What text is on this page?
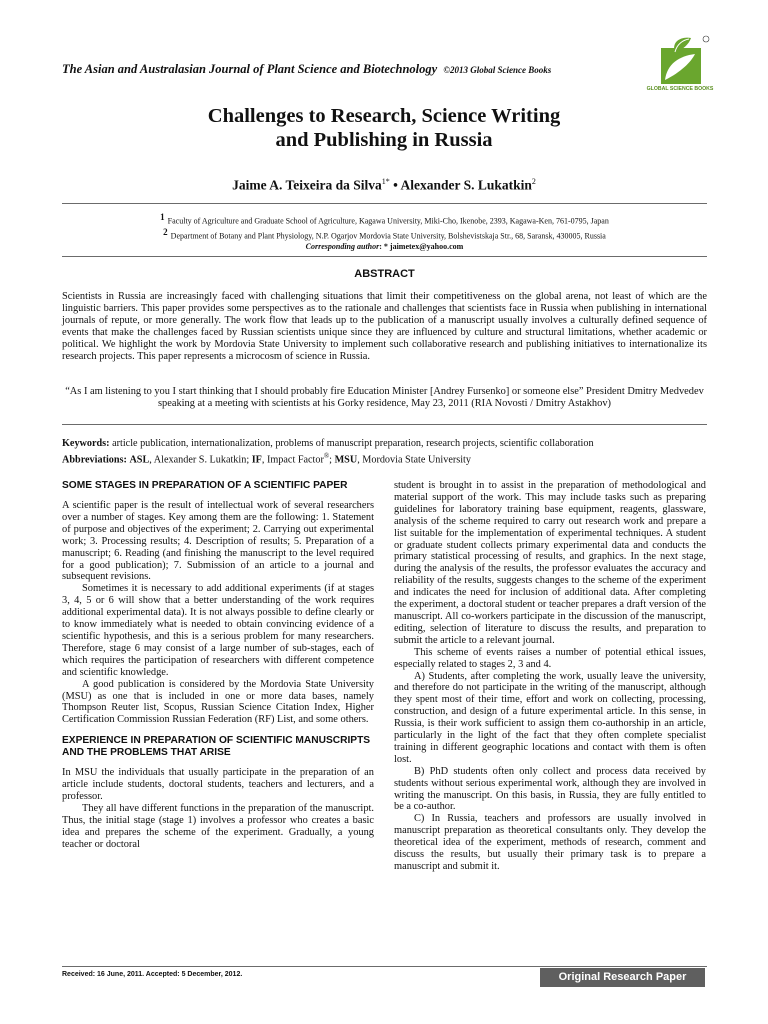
The Asian and Australasian Journal of Plant Science and Biotechnology ©2013 Global Science Books
GLOBAL SCIENCE BOOKS
Challenges to Research, Science Writing
and Publishing in Russia
Jaime A. Teixeira da Silva$^{1*}$ • Alexander S. Lukatkin$^2$
$^1$ Faculty of Agriculture and Graduate School of Agriculture, Kagawa University, Miki-Cho, Ikenobe, 2393, Kagawa-Ken, 761-0795, Japan
$^2$ Department of Botany and Plant Physiology, N.P. Ogarjov Mordovia State University, Bolshevistskaja Str., 68, Saransk, 430005, Russia
Corresponding author: * jaimetex@yahoo.com
ABSTRACT

Scientists in Russia are increasingly faced with challenging situations that limit their competitiveness on the global arena, not least of which are the linguistic barriers. This paper provides some perspectives as to the rationale and challenges that scientists face in Russia when publishing in international journals of repute, or more generally. The work flow that leads up to the publication of a manuscript usually involves a culturally defined sequence of events that make the challenges faced by Russian scientists unique since they are influenced by culture and structural limitations, whether academic or political. We highlight the work by Mordovia State University to implement such collaborative research and publishing initiatives to internationalize its research projects. This paper represents a microcosm of science in Russia.

“As I am listening to you I start thinking that I should probably fire Education Minister [Andrey Fursenko] or someone else” President Dmitry Medvedev speaking at a meeting with scientists at his Gorky residence, May 23, 2011 (RIA Novosti / Dmitry Astakhov)

Keywords: article publication, internationalization, problems of manuscript preparation, research projects, scientific collaboration
Abbreviations: ASL, Alexander S. Lukatkin; IF, Impact Factor®; MSU, Mordovia State University
SOME STAGES IN PREPARATION OF A SCIENTIFIC PAPER

A scientific paper is the result of intellectual work of several researchers over a number of stages. Key among them are the following: 1. Statement of purpose and objectives of the experiment; 2. Carrying out experimental work; 3. Processing results; 4. Description of results; 5. Preparation of a manuscript; 6. Reading (and finishing the manuscript to the level required for a good publication); 7. Submission of an article to a journal and subsequent revisions.

Sometimes it is necessary to add additional experiments (if at stages 3, 4, 5 or 6 will show that a better understanding of the work requires additional experimental data). It is not always possible to define clearly or to know immediately what is needed to obtain convincing evidence of a scientific hypothesis, and this is a serious problem for many researchers. Therefore, stage 6 may consist of a large number of sub-stages, each of which requires the participation of researchers with different competence and scientific knowledge.

A good publication is considered by the Mordovia State University (MSU) as one that is included in one or more data bases, namely Thompson Reuter list, Scopus, Russian Science Citation Index, Higher Certification Commission Russian Federation (RF) List, and some others.

EXPERIENCE IN PREPARATION OF SCIENTIFIC MANUSCRIPTS AND THE PROBLEMS THAT ARISE

In MSU the individuals that usually participate in the preparation of an article include students, doctoral students, teachers and lecturers, and a professor.

They all have different functions in the preparation of the manuscript. Thus, the initial stage (stage 1) involves a professor who creates a basic idea and prepares the scheme of the experiment. Gradually, a young teacher or doctoral

student is brought in to assist in the preparation of methodological and material support of the work. This may include tasks such as preparing guidelines for laboratory training base equipment, reagents, glassware, analysis of the scheme required to carry out research work and prepare a list suitable for the implementation of experimental techniques. A student or graduate student collects primary experimental data and conducts the primary statistical processing of results, and graphics. In the next stage, during the analysis of the results, the professor evaluates the accuracy and reliability of the results, suggests changes to the scheme of the experiment and indicates the need for inclusion of additional data. After completing the experiment, a doctoral student or teacher prepares a draft version of the manuscript. All co-workers participate in the discussion of the manuscript, editing, selection of literature to discuss the results, and preparation to submit the article to a relevant journal.

This scheme of events raises a number of potential ethical issues, especially related to stages 2, 3 and 4.

A) Students, after completing the work, usually leave the university, and therefore do not participate in the writing of the manuscript, although they spent most of their time, effort and work on collecting, processing, construction, and design of a future experimental article. In this sense, in Russia, is their work sufficient to assign them co-authorship in an article, particularly in the light of the fact that they often complete specialist training in different geographic locations and contact with them is often lost.

B) PhD students often only collect and process data received by students without serious experimental work, although they are involved in writing the manuscript. On this basis, in Russia, they are fully entitled to be a co-author.

C) In Russia, teachers and professors are usually involved in manuscript preparation as theoretical consultants only. They develop the theoretical idea of the experiment, methods of research, comment and discuss the results, but usually their primary task is to prepare a manuscript and submit it.

Received: 16 June, 2011. Accepted: 5 December, 2012.	Original Research Paper
